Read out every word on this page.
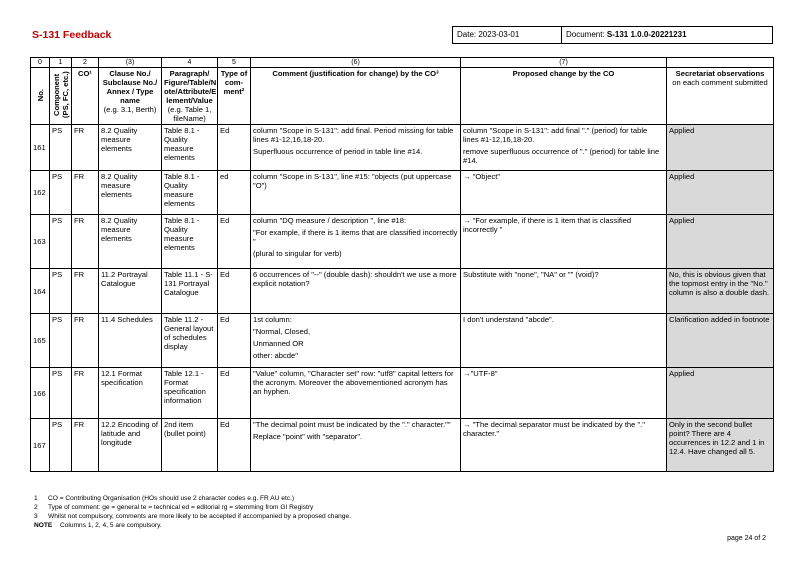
S-131 Feedback	Date: 2023-03-01	Document: S-131 1.0.0-20221231
0	1	2	(3)	4	5	(6)	(7)	
No.	Component (PS, FC, etc.)	CO¹	Clause No./ Subclause No./ Annex / Type name
(e.g. 3.1, Berth)	Paragraph/ Figure/Table/N ote/Attribute/E lement/Value
(e.g. Table 1, fileName)	Type of com- ment²	Comment (justification for change) by the CO³	Proposed change by the CO	Secretariat observations
on each comment submitted
161	PS	FR	8.2 Quality measure elements	Table 8.1 - Quality measure elements	Ed	column "Scope in S-131": add final. Period missing for table lines #1-12,16,18-20.
Superfluous occurrence of period in table line #14.	column "Scope in S-131": add final "." (period) for table lines #1-12,16,18-20.
remove superfluous occurrence of "." (period) for table line #14.	Applied
162	PS	FR	8.2 Quality measure elements	Table 8.1 - Quality measure elements	ed	column "Scope in S-131", line #15: "objects (put uppercase "O")	→ "Object"	Applied
163	PS	FR	8.2 Quality measure elements	Table 8.1 - Quality measure elements	Ed	column "DQ measure / description ", line #18:
"For example, if there is 1 items that are classified incorrectly "
(plural to singular for verb)	→ "For example, if there is 1 item that is classified incorrectly "	Applied
164	PS	FR	11.2 Portrayal Catalogue	Table 11.1 - S-131 Portrayal Catalogue	Ed	6 occurrences of "--" (double dash): shouldn't we use a more explicit notation?	Substitute with "none", "NA" or "" (void)?	No, this is obvious given that the topmost entry in the "No." column is also a double dash.
165	PS	FR	11.4 Schedules	Table 11.2 - General layout of schedules display	Ed	1st column:
"Normal, Closed,
Unmanned OR
other: abcde"	I don't understand "abcde".	Clarification added in footnote
166	PS	FR	12.1 Format specification	Table 12.1 - Format specification information	Ed	"Value" column, "Character set" row: "utf8" capital letters for the acronym. Moreover the abovementioned acronym has an hyphen.	→"UTF-8"	Applied
167	PS	FR	12.2 Encoding of latitude and longitude	2nd item (bullet point)	Ed	"The decimal point must be indicated by the "." character.""
Replace "point" with "separator".	→ "The decimal separator must be indicated by the "." character."	Only in the second bullet point? There are 4 occurrences in 12.2 and 1 in 12.4. Have changed all 5.
1 CO = Contributing Organisation (HOs should use 2 character codes e.g. FR AU etc.)
2 Type of comment: ge = general te = technical ed = editorial rg = stemming from GI Registry
3 Whilst not compulsory, comments are more likely to be accepted if accompanied by a proposed change.
NOTE Columns 1, 2, 4, 5 are compulsory.
page 24 of 2
